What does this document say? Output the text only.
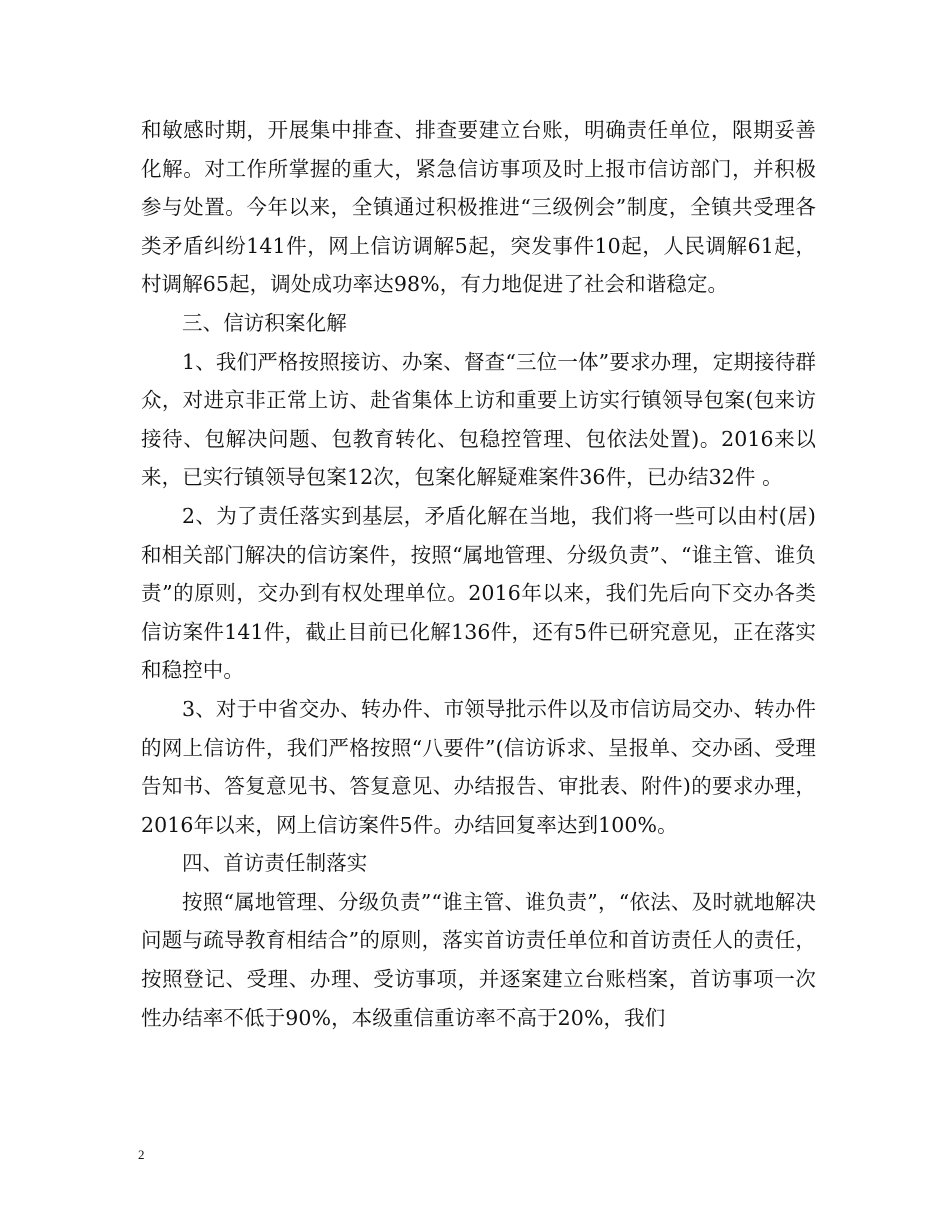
和敏感时期，开展集中排查、排查要建立台账，明确责任单位，限期妥善化解。对工作所掌握的重大，紧急信访事项及时上报市信访部门，并积极参与处置。今年以来，全镇通过积极推进“三级例会”制度，全镇共受理各类矛盾纠纷141件，网上信访调解5起，突发事件10起，人民调解61起，村调解65起，调处成功率达98%，有力地促进了社会和谐稳定。

三、信访积案化解

1、我们严格按照接访、办案、督查“三位一体”要求办理，定期接待群众，对进京非正常上访、赴省集体上访和重要上访实行镇领导包案(包来访接待、包解决问题、包教育转化、包稳控管理、包依法处置)。2016来以来，已实行镇领导包案12次，包案化解疑难案件36件，已办结32件 。

2、为了责任落实到基层，矛盾化解在当地，我们将一些可以由村(居)和相关部门解决的信访案件，按照“属地管理、分级负责”、“谁主管、谁负责”的原则，交办到有权处理单位。2016年以来，我们先后向下交办各类信访案件141件，截止目前已化解136件，还有5件已研究意见，正在落实和稳控中。

3、对于中省交办、转办件、市领导批示件以及市信访局交办、转办件的网上信访件，我们严格按照“八要件”(信访诉求、呈报单、交办函、受理告知书、答复意见书、答复意见、办结报告、审批表、附件)的要求办理，2016年以来，网上信访案件5件。办结回复率达到100%。

四、首访责任制落实

按照“属地管理、分级负责”“谁主管、谁负责”，“依法、及时就地解决问题与疏导教育相结合”的原则，落实首访责任单位和首访责任人的责任，按照登记、受理、办理、受访事项，并逐案建立台账档案，首访事项一次性办结率不低于90%，本级重信重访率不高于20%，我们

2
